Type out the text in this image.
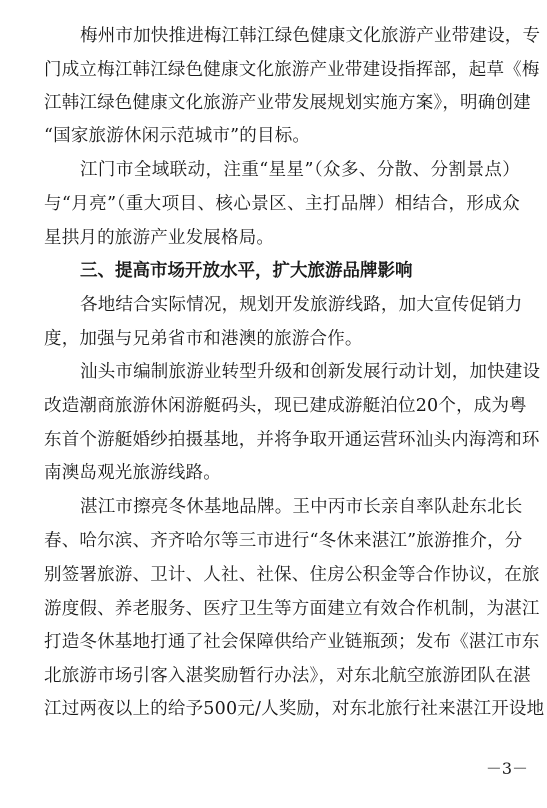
梅州市加快推进梅江韩江绿色健康文化旅游产业带建设，专
门成立梅江韩江绿色健康文化旅游产业带建设指挥部，起草《梅
江韩江绿色健康文化旅游产业带发展规划实施方案》，明确创建
“国家旅游休闲示范城市”的目标。
江门市全域联动，注重“星星”（众多、分散、分割景点）
与“月亮”（重大项目、核心景区、主打品牌）相结合，形成众
星拱月的旅游产业发展格局。
三、提高市场开放水平，扩大旅游品牌影响
各地结合实际情况，规划开发旅游线路，加大宣传促销力
度，加强与兄弟省市和港澳的旅游合作。
汕头市编制旅游业转型升级和创新发展行动计划，加快建设
改造潮商旅游休闲游艇码头，现已建成游艇泊位20个，成为粤
东首个游艇婚纱拍摄基地，并将争取开通运营环汕头内海湾和环
南澳岛观光旅游线路。
湛江市擦亮冬休基地品牌。王中丙市长亲自率队赴东北长
春、哈尔滨、齐齐哈尔等三市进行“冬休来湛江”旅游推介，分
别签署旅游、卫计、人社、社保、住房公积金等合作协议，在旅
游度假、养老服务、医疗卫生等方面建立有效合作机制，为湛江
打造冬休基地打通了社会保障供给产业链瓶颈；发布《湛江市东
北旅游市场引客入湛奖励暂行办法》，对东北航空旅游团队在湛
江过两夜以上的给予500元/人奖励，对东北旅行社来湛江开设地
－3－
